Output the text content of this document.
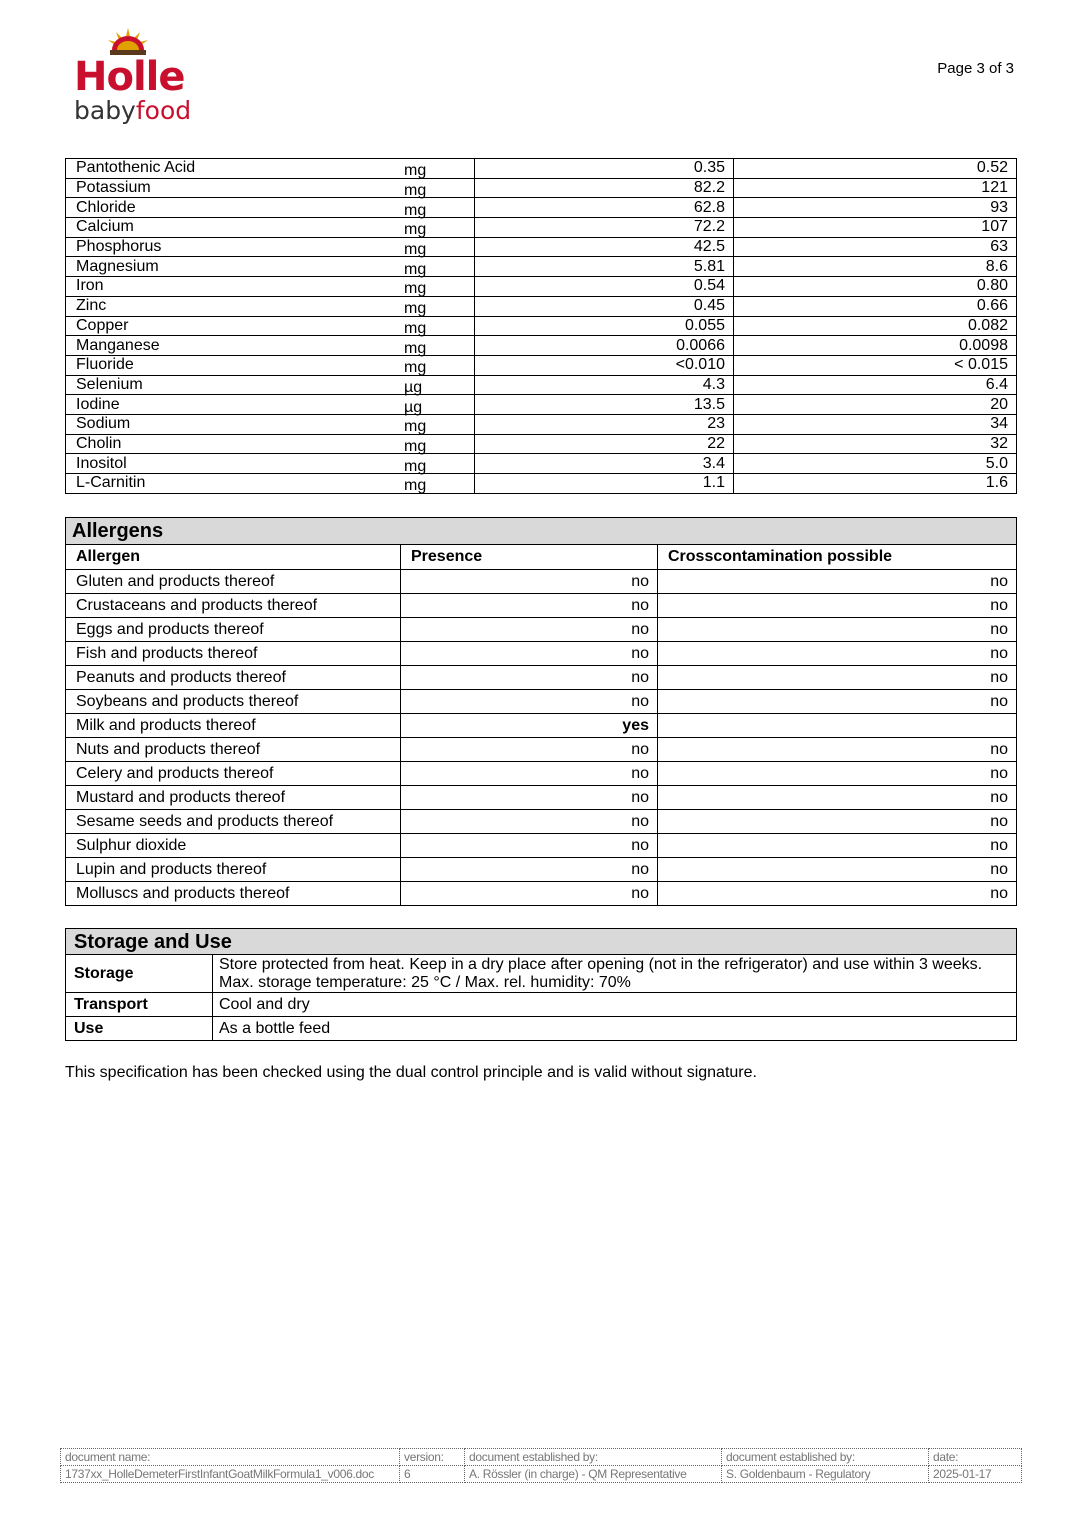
Holle
babyfood
Page 3 of 3
Pantothenic Acid	mg	0.35	0.52
Potassium	mg	82.2	121
Chloride	mg	62.8	93
Calcium	mg	72.2	107
Phosphorus	mg	42.5	63
Magnesium	mg	5.81	8.6
Iron	mg	0.54	0.80
Zinc	mg	0.45	0.66
Copper	mg	0.055	0.082
Manganese	mg	0.0066	0.0098
Fluoride	mg	<0.010	< 0.015
Selenium	µg	4.3	6.4
Iodine	µg	13.5	20
Sodium	mg	23	34
Cholin	mg	22	32
Inositol	mg	3.4	5.0
L-Carnitin	mg	1.1	1.6
Allergens		
Allergen	Presence	Crosscontamination possible
Gluten and products thereof	no	no
Crustaceans and products thereof	no	no
Eggs and products thereof	no	no
Fish and products thereof	no	no
Peanuts and products thereof	no	no
Soybeans and products thereof	no	no
Milk and products thereof	yes	
Nuts and products thereof	no	no
Celery and products thereof	no	no
Mustard and products thereof	no	no
Sesame seeds and products thereof	no	no
Sulphur dioxide	no	no
Lupin and products thereof	no	no
Molluscs and products thereof	no	no
Storage and Use	
Storage	Store protected from heat. Keep in a dry place after opening (not in the refrigerator) and use within 3 weeks.
Max. storage temperature: 25 °C / Max. rel. humidity: 70%

Transport	Cool and dry
Use	As a bottle feed
This specification has been checked using the dual control principle and is valid without signature.
document name:	version:	document established by:	document established by:	date:
1737xx_HolleDemeterFirstInfantGoatMilkFormula1_v006.doc	6	A. Rössler (in charge) - QM Representative	S. Goldenbaum - Regulatory	2025-01-17
